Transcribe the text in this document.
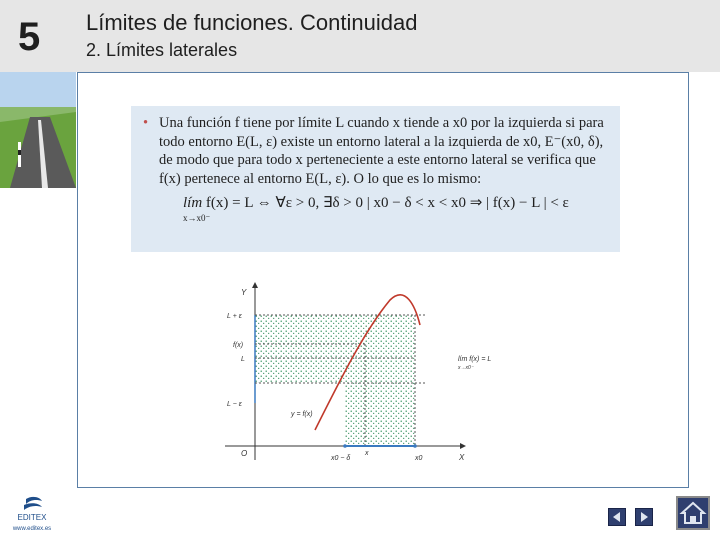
5	Límites de funciones. Continuidad
2. Límites laterales
• Una función f tiene por límite L cuando x tiende a x0 por la izquierda si para todo entorno E(L, ε) existe un entorno lateral a la izquierda de x0, E⁻(x0, δ), de modo que para todo x perteneciente a este entorno lateral se verifica que f(x) pertenece al entorno E(L, ε). O lo que es lo mismo:
lím f(x) = L ⇔ ∀ε > 0, ∃δ > 0 | x0 − δ < x < x0 ⇒ | f(x) − L | < ε
x→x0⁻
Y
L + ε
f(x)
L
L − ε
y = f(x)
O
x0 − δ
x
x0	X
lím f(x) = L
x→x0⁻
EDITEX
www.editex.es
